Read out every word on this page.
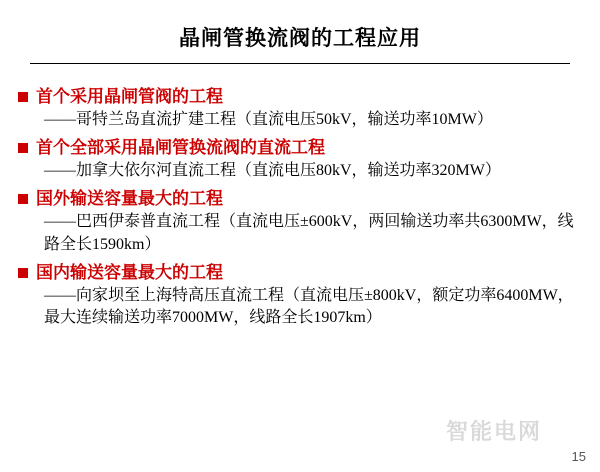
晶闸管换流阀的工程应用
首个采用晶闸管阀的工程
——哥特兰岛直流扩建工程（直流电压50kV，输送功率10MW）
首个全部采用晶闸管换流阀的直流工程
——加拿大依尔河直流工程（直流电压80kV，输送功率320MW）
国外输送容量最大的工程
——巴西伊泰普直流工程（直流电压±600kV，两回输送功率共6300MW，线路全长1590km）
国内输送容量最大的工程
——向家坝至上海特高压直流工程（直流电压±800kV，额定功率6400MW，最大连续输送功率7000MW，线路全长1907km）
智能电网
15
